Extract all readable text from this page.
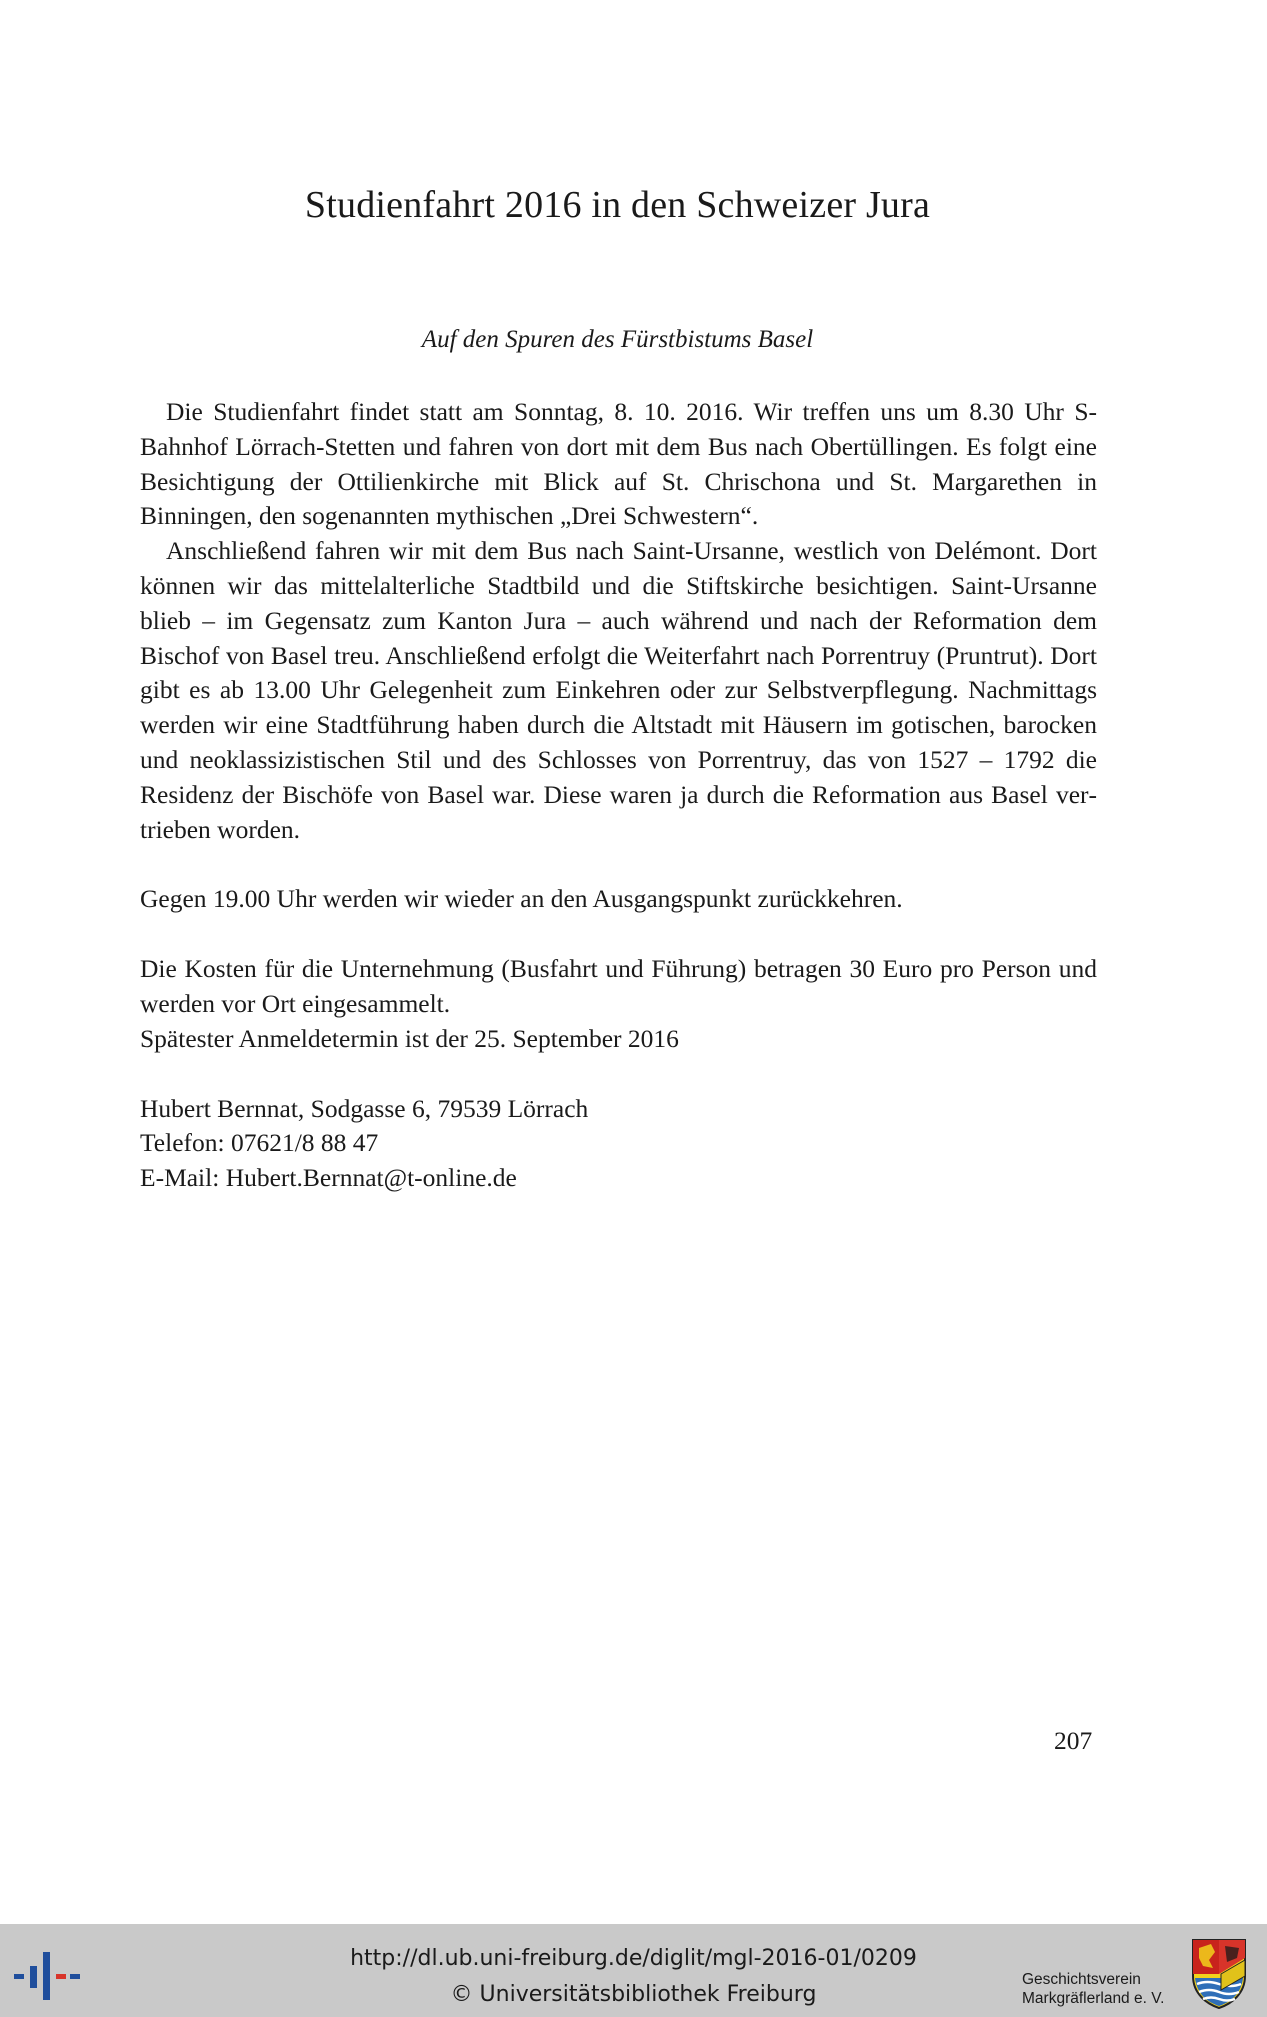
Studienfahrt 2016 in den Schweizer Jura
Auf den Spuren des Fürstbistums Basel

Die Studienfahrt findet statt am Sonntag, 8. 10. 2016. Wir treffen uns um 8.30 Uhr S-Bahnhof Lörrach-Stetten und fahren von dort mit dem Bus nach Obertüllingen. Es folgt eine Besichtigung der Ottilienkirche mit Blick auf St. Chrischona und St. Margarethen in Binningen, den sogenannten mythischen „Drei Schwestern“.

Anschließend fahren wir mit dem Bus nach Saint-Ursanne, westlich von Delémont. Dort können wir das mittelalterliche Stadtbild und die Stiftskirche besichtigen. Saint-Ursanne blieb – im Gegensatz zum Kanton Jura – auch während und nach der Reformation dem Bischof von Basel treu. Anschließend erfolgt die Weiterfahrt nach Porrentruy (Pruntrut). Dort gibt es ab 13.00 Uhr Gelegenheit zum Einkehren oder zur Selbstverpflegung. Nachmittags werden wir eine Stadtführung haben durch die Altstadt mit Häusern im gotischen, barocken und neoklassizistischen Stil und des Schlosses von Porrentruy, das von 1527 – 1792 die Residenz der Bischöfe von Basel war. Diese waren ja durch die Reformation aus Basel vertrieben worden.

Gegen 19.00 Uhr werden wir wieder an den Ausgangspunkt zurückkehren.

Die Kosten für die Unternehmung (Busfahrt und Führung) betragen 30 Euro pro Person und werden vor Ort eingesammelt.

Spätester Anmeldetermin ist der 25. September 2016

Hubert Bernnat, Sodgasse 6, 79539 Lörrach

Telefon: 07621/8 88 47

E-Mail: Hubert.Bernnat@t-online.de

207
http://dl.ub.uni-freiburg.de/diglit/mgl-2016-01/0209
© Universitätsbibliothek Freiburg
Geschichtsverein
Markgräflerland e. V.
